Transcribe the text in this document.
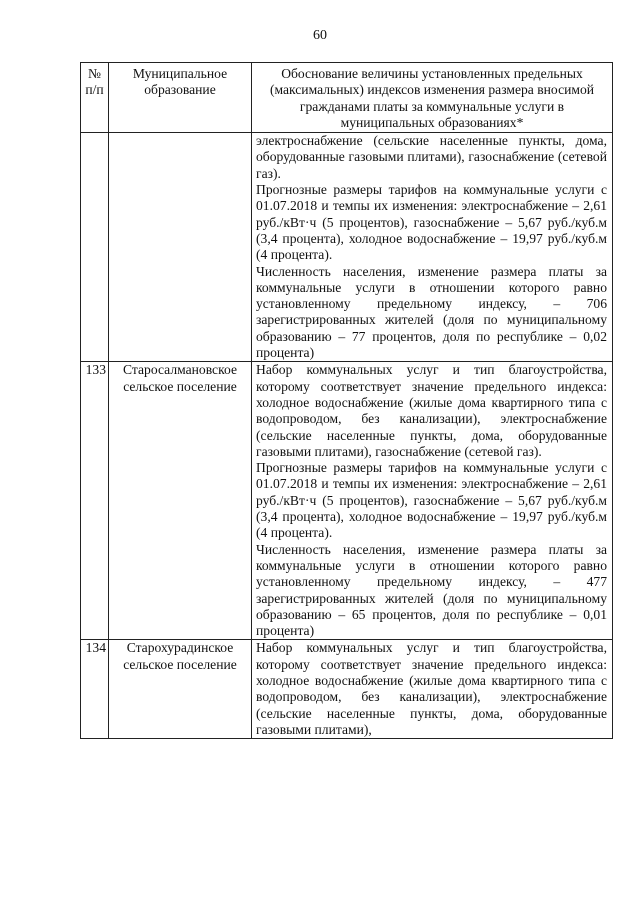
60
№ п/п	Муниципальное образование	Обоснование величины установленных предельных (максимальных) индексов изменения размера вносимой гражданами платы за коммунальные услуги в муниципальных образованиях*

		электроснабжение (сельские населенные пункты, дома, оборудованные газовыми плитами), газоснабжение (сетевой газ).
Прогнозные размеры тарифов на коммунальные услуги с 01.07.2018 и темпы их изменения: электроснабжение – 2,61 руб./кВт·ч (5 процентов), газоснабжение – 5,67 руб./куб.м (3,4 процента), холодное водоснабжение – 19,97 руб./куб.м (4 процента).
Численность населения, изменение размера платы за коммунальные услуги в отношении которого равно установленному предельному индексу, – 706 зарегистрированных жителей (доля по муниципальному образованию – 77 процентов, доля по республике – 0,02 процента)

133	Старосалмановское сельское поселение	Набор коммунальных услуг и тип благоустройства, которому соответствует значение предельного индекса: холодное водоснабжение (жилые дома квартирного типа с водопроводом, без канализации), электроснабжение (сельские населенные пункты, дома, оборудованные газовыми плитами), газоснабжение (сетевой газ).
Прогнозные размеры тарифов на коммунальные услуги с 01.07.2018 и темпы их изменения: электроснабжение – 2,61 руб./кВт·ч (5 процентов), газоснабжение – 5,67 руб./куб.м (3,4 процента), холодное водоснабжение – 19,97 руб./куб.м (4 процента).
Численность населения, изменение размера платы за коммунальные услуги в отношении которого равно установленному предельному индексу, – 477 зарегистрированных жителей (доля по муниципальному образованию – 65 процентов, доля по республике – 0,01 процента)

134	Старохурадинское сельское поселение	Набор коммунальных услуг и тип благоустройства, которому соответствует значение предельного индекса: холодное водоснабжение (жилые дома квартирного типа с водопроводом, без канализации), электроснабжение (сельские населенные пункты, дома, оборудованные газовыми плитами),
